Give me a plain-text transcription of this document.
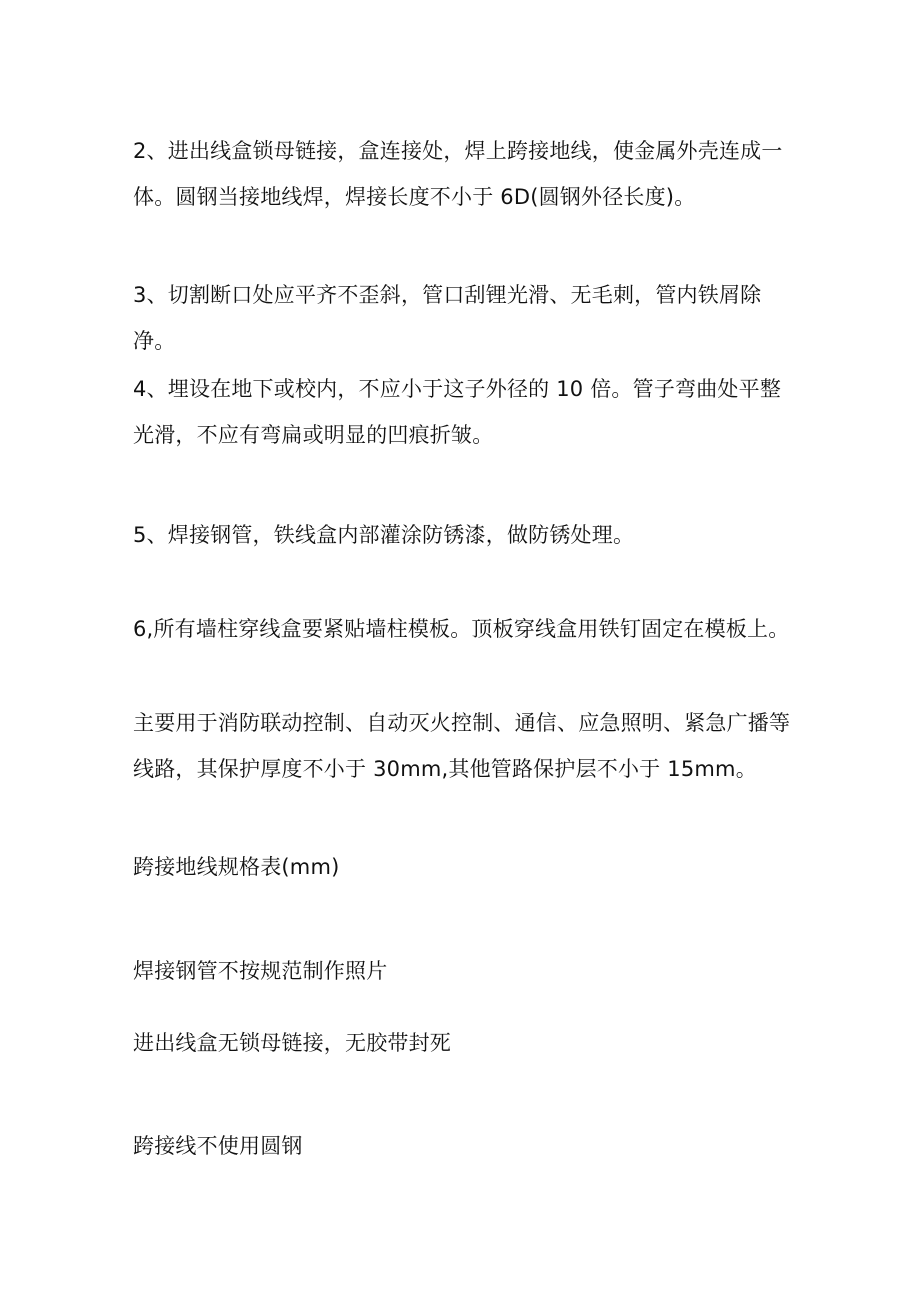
2、进出线盒锁母链接，盒连接处，焊上跨接地线，使金属外壳连成一体。圆钢当接地线焊，焊接长度不小于 6D(圆钢外径长度)。

3、切割断口处应平齐不歪斜，管口刮锂光滑、无毛刺，管内铁屑除净。

4、埋设在地下或校内，不应小于这子外径的 10 倍。管子弯曲处平整光滑，不应有弯扁或明显的凹痕折皱。

5、焊接钢管，铁线盒内部灌涂防锈漆，做防锈处理。

6,所有墙柱穿线盒要紧贴墙柱模板。顶板穿线盒用铁钉固定在模板上。

主要用于消防联动控制、自动灭火控制、通信、应急照明、紧急广播等线路，其保护厚度不小于 30mm,其他管路保护层不小于 15mm。

跨接地线规格表(mm)

焊接钢管不按规范制作照片

进出线盒无锁母链接，无胶带封死

跨接线不使用圆钢
